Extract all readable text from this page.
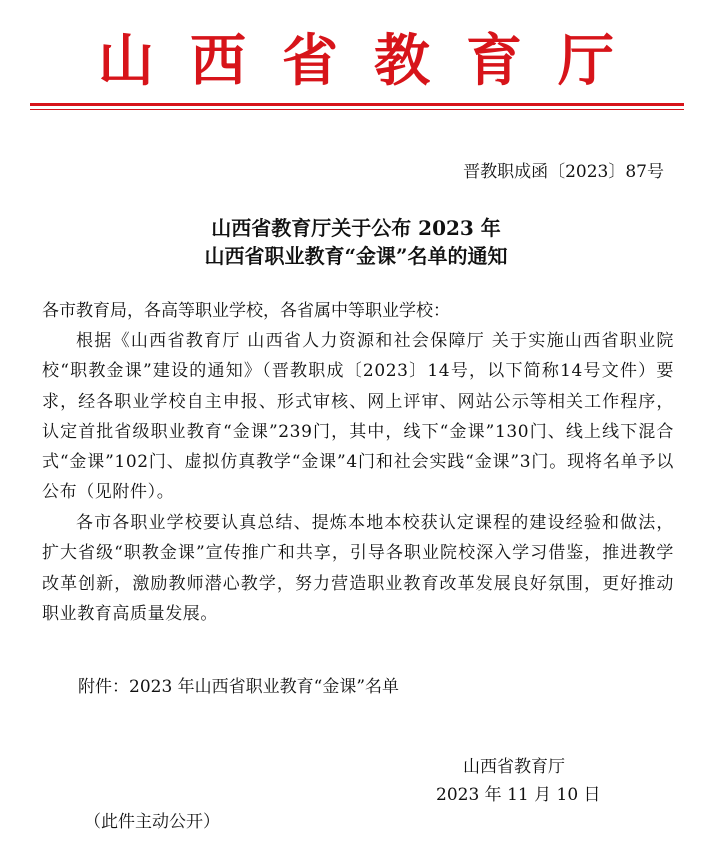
山西省教育厅
晋教职成函〔2023〕87号
山西省教育厅关于公布 2023 年
山西省职业教育“金课”名单的通知

各市教育局，各高等职业学校，各省属中等职业学校：

根据《山西省教育厅 山西省人力资源和社会保障厅 关于实施山西省职业院校“职教金课”建设的通知》（晋教职成〔2023〕14号，以下简称14号文件）要求，经各职业学校自主申报、形式审核、网上评审、网站公示等相关工作程序，认定首批省级职业教育“金课”239门，其中，线下“金课”130门、线上线下混合式“金课”102门、虚拟仿真教学“金课”4门和社会实践“金课”3门。现将名单予以公布（见附件）。

各市各职业学校要认真总结、提炼本地本校获认定课程的建设经验和做法，扩大省级“职教金课”宣传推广和共享，引导各职业院校深入学习借鉴，推进教学改革创新，激励教师潜心教学，努力营造职业教育改革发展良好氛围，更好推动职业教育高质量发展。

附件：2023 年山西省职业教育“金课”名单
山西省教育厅
2023 年 11 月 10 日
（此件主动公开）
